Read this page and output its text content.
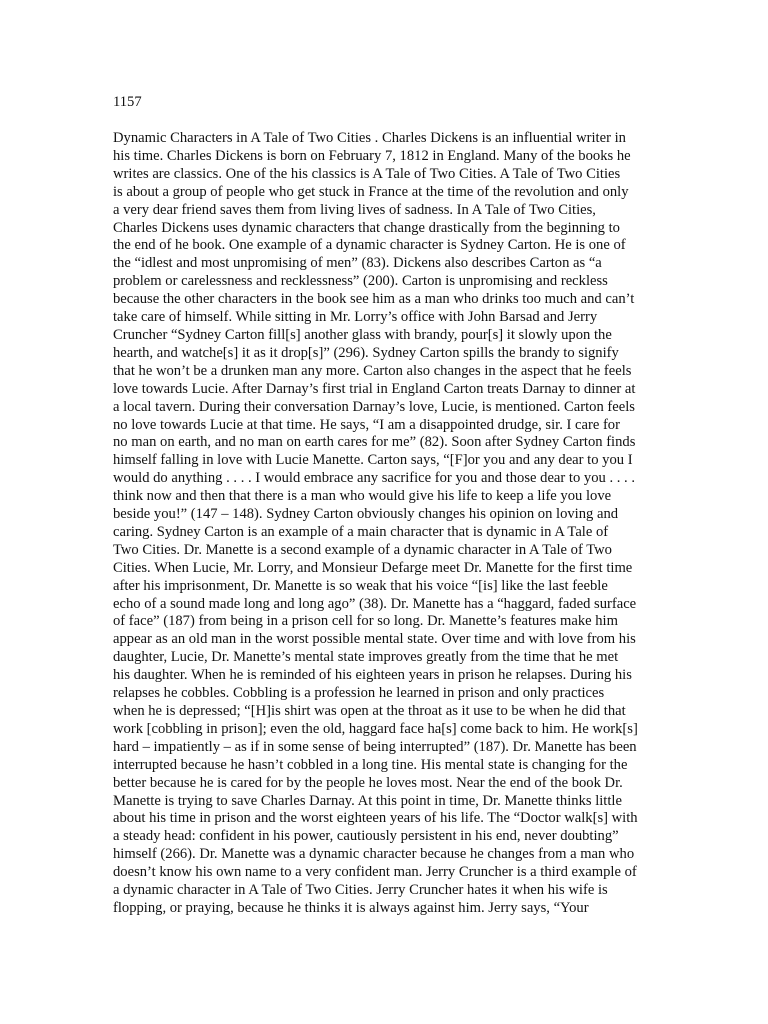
1157

Dynamic Characters in A Tale of Two Cities . Charles Dickens is an influential writer in
his time. Charles Dickens is born on February 7, 1812 in England. Many of the books he
writes are classics. One of the his classics is A Tale of Two Cities. A Tale of Two Cities
is about a group of people who get stuck in France at the time of the revolution and only
a very dear friend saves them from living lives of sadness. In A Tale of Two Cities,
Charles Dickens uses dynamic characters that change drastically from the beginning to
the end of he book. One example of a dynamic character is Sydney Carton. He is one of
the “idlest and most unpromising of men” (83). Dickens also describes Carton as “a
problem or carelessness and recklessness” (200). Carton is unpromising and reckless
because the other characters in the book see him as a man who drinks too much and can’t
take care of himself. While sitting in Mr. Lorry’s office with John Barsad and Jerry
Cruncher “Sydney Carton fill[s] another glass with brandy, pour[s] it slowly upon the
hearth, and watche[s] it as it drop[s]” (296). Sydney Carton spills the brandy to signify
that he won’t be a drunken man any more. Carton also changes in the aspect that he feels
love towards Lucie. After Darnay’s first trial in England Carton treats Darnay to dinner at
a local tavern. During their conversation Darnay’s love, Lucie, is mentioned. Carton feels
no love towards Lucie at that time. He says, “I am a disappointed drudge, sir. I care for
no man on earth, and no man on earth cares for me” (82). Soon after Sydney Carton finds
himself falling in love with Lucie Manette. Carton says, “[F]or you and any dear to you I
would do anything . . . . I would embrace any sacrifice for you and those dear to you . . . .
think now and then that there is a man who would give his life to keep a life you love
beside you!” (147 – 148). Sydney Carton obviously changes his opinion on loving and
caring. Sydney Carton is an example of a main character that is dynamic in A Tale of
Two Cities. Dr. Manette is a second example of a dynamic character in A Tale of Two
Cities. When Lucie, Mr. Lorry, and Monsieur Defarge meet Dr. Manette for the first time
after his imprisonment, Dr. Manette is so weak that his voice “[is] like the last feeble
echo of a sound made long and long ago” (38). Dr. Manette has a “haggard, faded surface
of face” (187) from being in a prison cell for so long. Dr. Manette’s features make him
appear as an old man in the worst possible mental state. Over time and with love from his
daughter, Lucie, Dr. Manette’s mental state improves greatly from the time that he met
his daughter. When he is reminded of his eighteen years in prison he relapses. During his
relapses he cobbles. Cobbling is a profession he learned in prison and only practices
when he is depressed; “[H]is shirt was open at the throat as it use to be when he did that
work [cobbling in prison]; even the old, haggard face ha[s] come back to him. He work[s]
hard – impatiently – as if in some sense of being interrupted” (187). Dr. Manette has been
interrupted because he hasn’t cobbled in a long tine. His mental state is changing for the
better because he is cared for by the people he loves most. Near the end of the book Dr.
Manette is trying to save Charles Darnay. At this point in time, Dr. Manette thinks little
about his time in prison and the worst eighteen years of his life. The “Doctor walk[s] with
a steady head: confident in his power, cautiously persistent in his end, never doubting”
himself (266). Dr. Manette was a dynamic character because he changes from a man who
doesn’t know his own name to a very confident man. Jerry Cruncher is a third example of
a dynamic character in A Tale of Two Cities. Jerry Cruncher hates it when his wife is
flopping, or praying, because he thinks it is always against him. Jerry says, “Your
